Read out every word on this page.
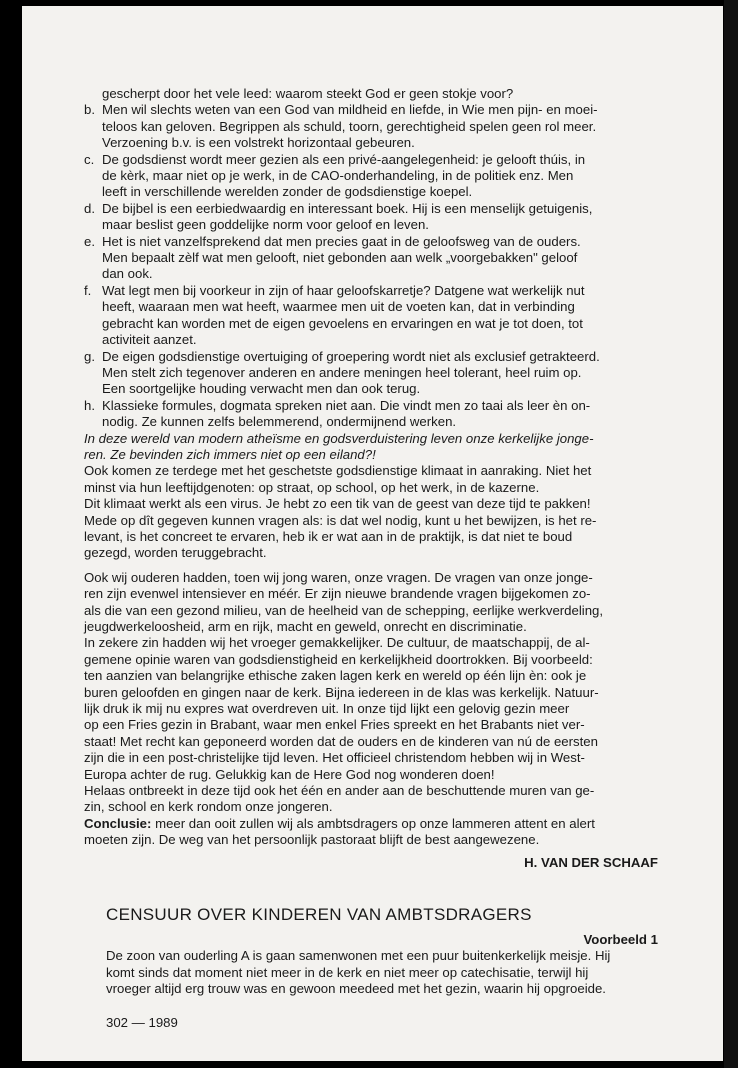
gescherpt door het vele leed: waarom steekt God er geen stokje voor?
b. Men wil slechts weten van een God van mildheid en liefde, in Wie men pijn- en moei-
teloos kan geloven. Begrippen als schuld, toorn, gerechtigheid spelen geen rol meer.
Verzoening b.v. is een volstrekt horizontaal gebeuren.
c. De godsdienst wordt meer gezien als een privé-aangelegenheid: je gelooft thúis, in
de kèrk, maar niet op je werk, in de CAO-onderhandeling, in de politiek enz. Men
leeft in verschillende werelden zonder de godsdienstige koepel.
d. De bijbel is een eerbiedwaardig en interessant boek. Hij is een menselijk getuigenis,
maar beslist geen goddelijke norm voor geloof en leven.
e. Het is niet vanzelfsprekend dat men precies gaat in de geloofsweg van de ouders.
Men bepaalt zèlf wat men gelooft, niet gebonden aan welk „voorgebakken" geloof
dan ook.
f. Wat legt men bij voorkeur in zijn of haar geloofskarretje? Datgene wat werkelijk nut
heeft, waaraan men wat heeft, waarmee men uit de voeten kan, dat in verbinding
gebracht kan worden met de eigen gevoelens en ervaringen en wat je tot doen, tot
activiteit aanzet.
g. De eigen godsdienstige overtuiging of groepering wordt niet als exclusief getrakteerd.
Men stelt zich tegenover anderen en andere meningen heel tolerant, heel ruim op.
Een soortgelijke houding verwacht men dan ook terug.
h. Klassieke formules, dogmata spreken niet aan. Die vindt men zo taai als leer èn on-
nodig. Ze kunnen zelfs belemmerend, ondermijnend werken.
In deze wereld van modern atheïsme en godsverduistering leven onze kerkelijke jonge-
ren. Ze bevinden zich immers niet op een eiland?!
Ook komen ze terdege met het geschetste godsdienstige klimaat in aanraking. Niet het
minst via hun leeftijdgenoten: op straat, op school, op het werk, in de kazerne.
Dit klimaat werkt als een virus. Je hebt zo een tik van de geest van deze tijd te pakken!
Mede op dît gegeven kunnen vragen als: is dat wel nodig, kunt u het bewijzen, is het re-
levant, is het concreet te ervaren, heb ik er wat aan in de praktijk, is dat niet te boud
gezegd, worden teruggebracht.
Ook wij ouderen hadden, toen wij jong waren, onze vragen. De vragen van onze jonge-
ren zijn evenwel intensiever en méér. Er zijn nieuwe brandende vragen bijgekomen zo-
als die van een gezond milieu, van de heelheid van de schepping, eerlijke werkverdeling,
jeugdwerkeloosheid, arm en rijk, macht en geweld, onrecht en discriminatie.
In zekere zin hadden wij het vroeger gemakkelijker. De cultuur, de maatschappij, de al-
gemene opinie waren van godsdienstigheid en kerkelijkheid doortrokken. Bij voorbeeld:
ten aanzien van belangrijke ethische zaken lagen kerk en wereld op één lijn èn: ook je
buren geloofden en gingen naar de kerk. Bijna iedereen in de klas was kerkelijk. Natuur-
lijk druk ik mij nu expres wat overdreven uit. In onze tijd lijkt een gelovig gezin meer
op een Fries gezin in Brabant, waar men enkel Fries spreekt en het Brabants niet ver-
staat! Met recht kan geponeerd worden dat de ouders en de kinderen van nú de eersten
zijn die in een post-christelijke tijd leven. Het officieel christendom hebben wij in West-
Europa achter de rug. Gelukkig kan de Here God nog wonderen doen!
Helaas ontbreekt in deze tijd ook het één en ander aan de beschuttende muren van ge-
zin, school en kerk rondom onze jongeren.
Conclusie: meer dan ooit zullen wij als ambtsdragers op onze lammeren attent en alert
moeten zijn. De weg van het persoonlijk pastoraat blijft de best aangewezene.
H. VAN DER SCHAAF
CENSUUR OVER KINDEREN VAN AMBTSDRAGERS
Voorbeeld 1
De zoon van ouderling A is gaan samenwonen met een puur buitenkerkelijk meisje. Hij
komt sinds dat moment niet meer in de kerk en niet meer op catechisatie, terwijl hij
vroeger altijd erg trouw was en gewoon meedeed met het gezin, waarin hij opgroeide.
302 — 1989
